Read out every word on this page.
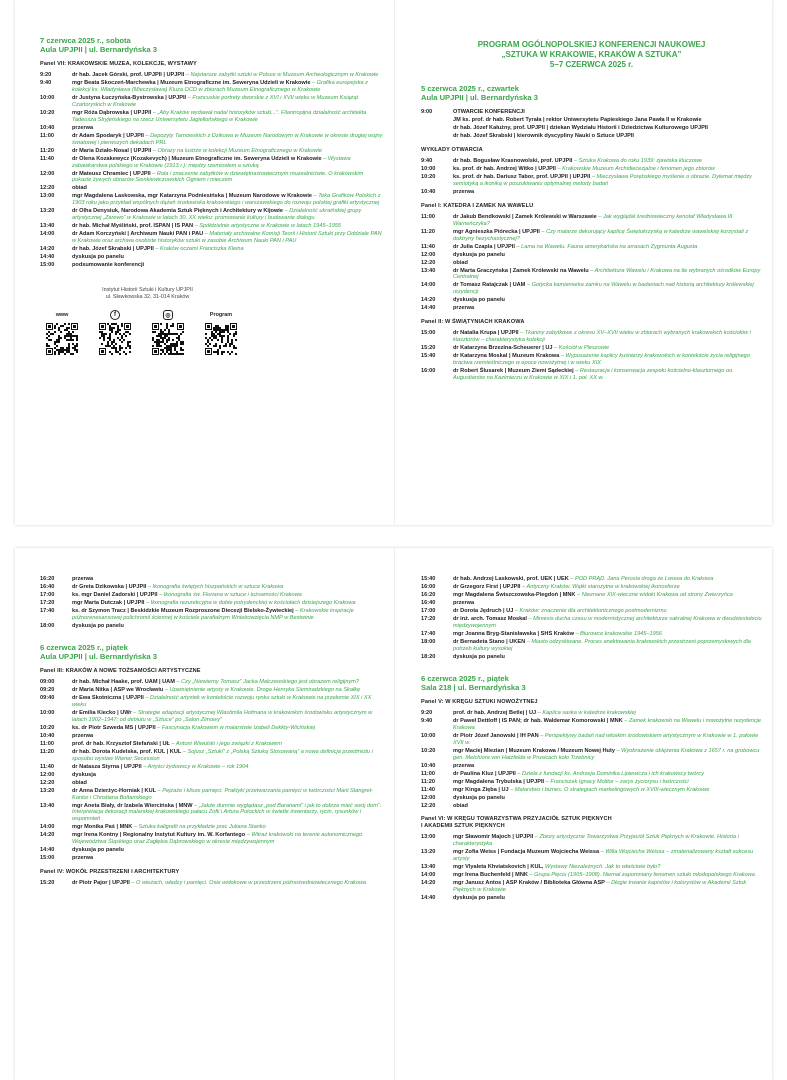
7 czerwca 2025 r., sobota
Aula UPJPII | ul. Bernardyńska 3
Panel VII: KRAKOWSKIE MUZEA, KOLEKCJE, WYSTAWY
9:20	dr hab. Jacek Górski, prof. UPJPII | UPJPII – Najstarsze zabytki sztuki w Polsce w Muzeum Archeologicznym w Krakowie
9:40	mgr Beata Skoczeń-Marchewka | Muzeum Etnograficzne im. Seweryna Udzieli w Krakowie – Grafika europejska z kolekcji ks. Władysława (Mieczysława) Kluza OCD w zbiorach Muzeum Etnograficznego w Krakowie
10:00	dr Justyna Łuczyńska-Bystrowska | UPJPII – Francuskie portrety dworskie z XVI i XVII wieku w Muzeum Książąt Czartoryskich w Krakowie
10:20	mgr Róża Dąbrowska | UPJPII – „Aby Kraków wydawał nadal historyków sztuki...”. Filantropijna działalność architekta Tadeusza Stryjeńskiego na rzecz Uniwersytetu Jagiellońskiego w Krakowie
10:40	przerwa
11:00	dr Adam Spodaryk | UPJPII – Depozyty Tarnowskich z Dzikowa w Muzeum Narodowym w Krakowie w okresie drugiej wojny światowej i pierwszych dekadach PRL
11:20	dr Maria Działo-Nosal | UPJPII – Obrazy na lustrze w kolekcji Muzeum Etnograficznego w Krakowie
11:40	dr Olena Kozakewycz (Kozakevych) | Muzeum Etnograficzne im. Seweryna Udzieli w Krakowie – Wystawa zabawkarstwa polskiego w Krakowie (1913 r.): między rzemiosłem a sztuką
12:00	dr Mateusz Chramiec | UPJPII – Rola i znaczenie zabytków w dziewiętnastowiecznym muzealnictwie. O krakowskim pokazie żywych obrazów Sienkiewiczowskich Ogniem i mieczem
12:20	obiad
13:00	mgr Magdalena Laskowska, mgr Katarzyna Podniesińska | Muzeum Narodowe w Krakowie – Teka Grafików Polskich z 1903 roku jako przykład wspólnych dążeń środowiska krakowskiego i warszawskiego do rozwoju polskiej grafiki artystycznej
13:20	dr Olha Denysiuk, Narodowa Akademia Sztuk Pięknych i Architektury w Kijowie – Działalność ukraińskiej grupy artystycznej „Zarewo” w Krakowie w latach 30. XX wieku: promowanie kultury i budowanie dialogu
13:40	dr hab. Michał Myśliński, prof. ISPAN | IS PAN – Spółdzielnie artystyczne w Krakowie w latach 1945–1955
14:00	dr Adam Korczyński | Archiwum Nauki PAN i PAU – Materiały archiwalne Komisji Teorii i Historii Sztuki przy Oddziale PAN w Krakowie oraz archiwa osobiste historyków sztuki w zasobie Archiwum Nauki PAN i PAU
14:20	dr hab. Józef Skrabski | UPJPII – Kraków oczami Franciszka Kleina
14:40	dyskusja po panelu
15:00	podsumowanie konferencji
Instytut Historii Sztuki i Kultury UPJPII
ul. Sławkowska 32, 31-014 Kraków
www	f	◎	Program
PROGRAM OGÓLNOPOLSKIEJ KONFERENCJI NAUKOWEJ
„SZTUKA W KRAKOWIE, KRAKÓW A SZTUKA”
5–7 CZERWCA 2025 r.
5 czerwca 2025 r., czwartek
Aula UPJPII | ul. Bernardyńska 3
9:00	OTWARCIE KONFERENCJI
JM ks. prof. dr hab. Robert Tyrała | rektor Uniwersytetu Papieskiego Jana Pawła II w Krakowie
dr hab. Józef Kałużny, prof. UPJPII | dziekan Wydziału Historii i Dziedzictwa Kulturowego UPJPII
dr hab. Józef Skrabski | kierownik dyscypliny Nauki o Sztuce UPJPII
WYKŁADY OTWARCIA
9:40	dr hab. Bogusław Krasnowolski, prof. UPJPII – Sztuka Krakowa do roku 1939: zjawiska kluczowe
10:00	ks. prof. dr hab. Andrzej Witko | UPJPII – Krakowskie Muzeum Archidiecezjalne i fenomen jego zbiorów
10:20	ks. prof. dr hab. Dariusz Tabor, prof. UPJPII | UPJPII – Mieczysława Porębskiego myślenie o obrazie. Dylemat między semiotyką a ikoniką w poszukiwaniu optymalnej metody badań
10:40	przerwa
Panel I: KATEDRA I ZAMEK NA WAWELU
11:00	dr Jakub Bendkowski | Zamek Królewski w Warszawie – Jak wyglądał średniowieczny kenotaf Władysława III Warneńczyka?
11:20	mgr Agnieszka Piórecka | UPJPII – Czy malarze dekorujący kaplicę Świętokrzyską w katedrze wawelskiej korzystali z doktryny hezychastycznej?
11:40	dr Julia Czapla | UPJPII – Lama na Wawelu. Fauna amerykańska na arrasach Zygmunta Augusta
12:00	dyskusja po panelu
12:20	obiad
13:40	dr Marta Graczyńska | Zamek Królewski na Wawelu – Architektura Wawelu i Krakowa na tle wybranych ośrodków Europy Centralnej
14:00	dr Tomasz Ratajczak | UAM – Gotycka kamieniarka zamku na Wawelu w badaniach nad historią architektury królewskiej rezydencji
14:20	dyskusja po panelu
14:40	przerwa
Panel II: W ŚWIĄTYNIACH KRAKOWA
15:00	dr Natalia Krupa | UPJPII – Tkaniny zabytkowe z okresu XV–XVII wieku w zbiorach wybranych krakowskich kościołów i klasztorów – charakterystyka kolekcji
15:20	dr Katarzyna Brzezina-Scheuerer | UJ – Kościół w Pleszowie
15:40	dr Katarzyna Moskal | Muzeum Krakowa – Wyposażenie kaplicy kuśnierzy krakowskich w kontekście życia religijnego bractwa rzemieślniczego w epoce nowożytnej i w wieku XIX
16:00	dr Robert Ślusarek | Muzeum Ziemi Sądeckiej – Restauracja i konserwacja zespołu kościelno-klasztornego oo. Augustianów na Kazimierzu w Krakowie w XIX i 1. poł. XX w.
16:20	przerwa
16:40	dr Greta Dzikowska | UPJPII – Ikonografia świętych hiszpańskich w sztuce Krakowa
17:00	ks. mgr Daniel Zadorski | UPJPII – Ikonografia św. Floriana w sztuce i tożsamości Krakowa
17:20	mgr Marta Dutczak | UPJPII – Ikonografia rezurekcyjna w dobie potrydenckiej w kościołach dzisiejszego Krakowa
17:40	ks. dr Szymon Tracz | Beskidzkie Muzeum Rozproszone Diecezji Bielsko-Żywieckiej – Krakowskie inspiracje późnorenesansowej polichromii ściennej w kościele parafialnym Wniebowzięcia NMP w Bestwinie
18:00	dyskusja po panelu
6 czerwca 2025 r., piątek
Aula UPJPII | ul. Bernardyńska 3
Panel III: KRAKÓW A NOWE TOŻSAMOŚCI ARTYSTYCZNE
09:00	dr hab. Michał Haake, prof. UAM | UAM – Czy „Niewierny Tomasz” Jacka Malczewskiego jest obrazem religijnym?
09:20	dr Maria Nitka | ASP we Wrocławiu – Upamiętnienie artysty w Krakowie. Droga Henryka Siemiradzkiego na Skałkę
09:40	dr Ewa Skotniczna | UPJPII – Działalność artystek w kontekście rozwoju rynku sztuki w Krakowie na przełomie XIX i XX wieku
10:00	dr Emilia Kiecko | UWr – Strategie adaptacji artystycznej Wlastimila Hofmana w krakowskim środowisku artystycznym w latach 1902–1947: od debiutu w „Sztuce” po „Salon Zimowy”
10:20	ks. dr Piotr Szweda MS | UPJPII – Fascynacja Krakowem w malarstwie Izabeli Dekkty-Wicińskiej
10:40	przerwa
11:00	prof. dr hab. Krzysztof Stefański | UŁ – Antoni Wiwulski i jego związki z Krakowem
11:20	dr hab. Dorota Kudelska, prof. KUL | KUL – Sojusz „Sztuki” z „Polską Sztuką Stosowaną” a nowa definicja przedmiotu i sposobu wystaw Wiener Secession
11:40	dr Natasza Styrna | UPJPII – Artyści żydowscy w Krakowie – rok 1904
12:00	dyskusja
12:20	obiad
13:20	dr Anna Dzierżyc-Horniak | KUL – Pejzaże i klisze pamięci. Praktyki przetwarzania pamięci w twórczości Marii Stangret-Kantor i Christiana Boltanskiego
13:40	mgr Aneta Biały, dr Izabela Wiercińska | MNW – „Jakże dumnie wyglądasz „pod Baranami” i jak to dobrze mieć swój dom”. Interpretacja dekoracji malarskiej krakowskiego pałacu Zofii i Artura Potockich w świetle inwentarzy, rycin, rysunków i wspomnień
14:00	mgr Monika Paś | MNK – Sztuka kaligrafii na przykładzie prac Juliana Stanko
14:20	mgr Irena Kontny | Regionalny Instytut Kultury im. W. Korfantego – Witraż krakowski na terenie autonomicznego Województwa Śląskiego oraz Zagłębia Dąbrowskiego w okresie międzywojennym
14:40	dyskusja po panelu
15:00	przerwa
Panel IV: WOKÓŁ PRZESTRZENI I ARCHITEKTURY
15:20	dr Piotr Pajor | UPJPII – O wieżach, władzy i pamięci. Osie widokowe w przestrzeni późnośredniowiecznego Krakowa
15:40	dr hab. Andrzej Laskowski, prof. UEK | UEK – POD PRĄD. Jana Perosia droga ze Lwowa do Krakowa
16:00	dr Grzegorz First | UPJPII – Antyczny Kraków. Wątki starożytne w krakowskiej ikonosferze
16:20	mgr Magdalena Świszczowska-Piegdoń | MNK – Nieznane XIX-wieczne widoki Krakowa od strony Zwierzyńca
16:40	przerwa
17:00	dr Dorota Jędruch | UJ – Kraków: znaczenie dla architektonicznego postmodernizmu
17:20	dr inż. arch. Tomasz Moskal – Mimesis ducha czasu w modernistycznej architekturze sakralnej Krakowa w dwudziestoleciu międzywojennym
17:40	mgr Joanna Bryg-Stanisławska | SHS Kraków – Biurowce krakowskie 1945–1956
18:00	dr Bernadeta Stano | UKEN – Miasto odzyskiwane. Proces anektowania krakowskich przestrzeni poprzemysłowych dla potrzeb kultury wysokiej
18:20	dyskusja po panelu
6 czerwca 2025 r., piątek
Sala 218 | ul. Bernardyńska 3
Panel V: W KRĘGU SZTUKI NOWOŻYTNEJ
9:20	prof. dr hab. Andrzej Betlej | UJ – Kaplica saska w katedrze krakowskiej
9:40	dr Paweł Dettloff | IS PAN; dr hab. Waldemar Komorowski | MNK – Zamek krakowski na Wawelu i nowożytne rezydencje Krakowa
10:00	dr Piotr Józef Janowski | IH PAN – Perspektywy badań nad włoskim środowiskiem artystycznym w Krakowie w 1. połowie XVII w.
10:20	mgr Maciej Miezian | Muzeum Krakowa / Muzeum Nowej Huty – Wyobrażenie oblężenia Krakowa z 1657 r. na grobowcu gen. Melchiora von Hatzfelda w Prusicach koło Trzebnicy
10:40	przerwa
11:00	dr Paulina Kluz | UPJPII – Dzieła z fundacji ks. Andrzeja Dominika Lipiewicza i ich krakowscy twórcy
11:20	mgr Magdalena Trybulska | UPJPII – Franciszek Ignacy Molitor – zarys życiorysu i twórczości
11:40	mgr Kinga Zięba | UJ – Malarstwo i biznes. O strategiach marketingowych w XVIII-wiecznym Krakowie
12:00	dyskusja po panelu
12:20	obiad
Panel VI: W KRĘGU TOWARZYSTWA PRZYJACIÓŁ SZTUK PIĘKNYCH
I AKADEMII SZTUK PIĘKNYCH
13:00	mgr Sławomir Majoch | UPJPII – Zbiory artystyczne Towarzystwa Przyjaciół Sztuk Pięknych w Krakowie. Historia i charakterystyka
13:20	mgr Zofia Weiss | Fundacja Muzeum Wojciecha Weissa – Willa Wojciecha Weissa – zmaterializowany kształt sukcesu artysty
13:40	mgr Vlyaleta Khviatskovich | KUL, Wystawy Niezależnych. Jak to właściwie było?
14:00	mgr Irena Buchenfeld | MNK – Grupa Pięciu (1905–1908). Niemal zapomniany fenomen sztuki młodopolskiego Krakowa
14:20	mgr Janusz Antos | ASP Kraków / Biblioteka Główna ASP – Długie trwanie kapistów i kolorystów w Akademii Sztuk Pięknych w Krakowie
14:40	dyskusja po panelu
